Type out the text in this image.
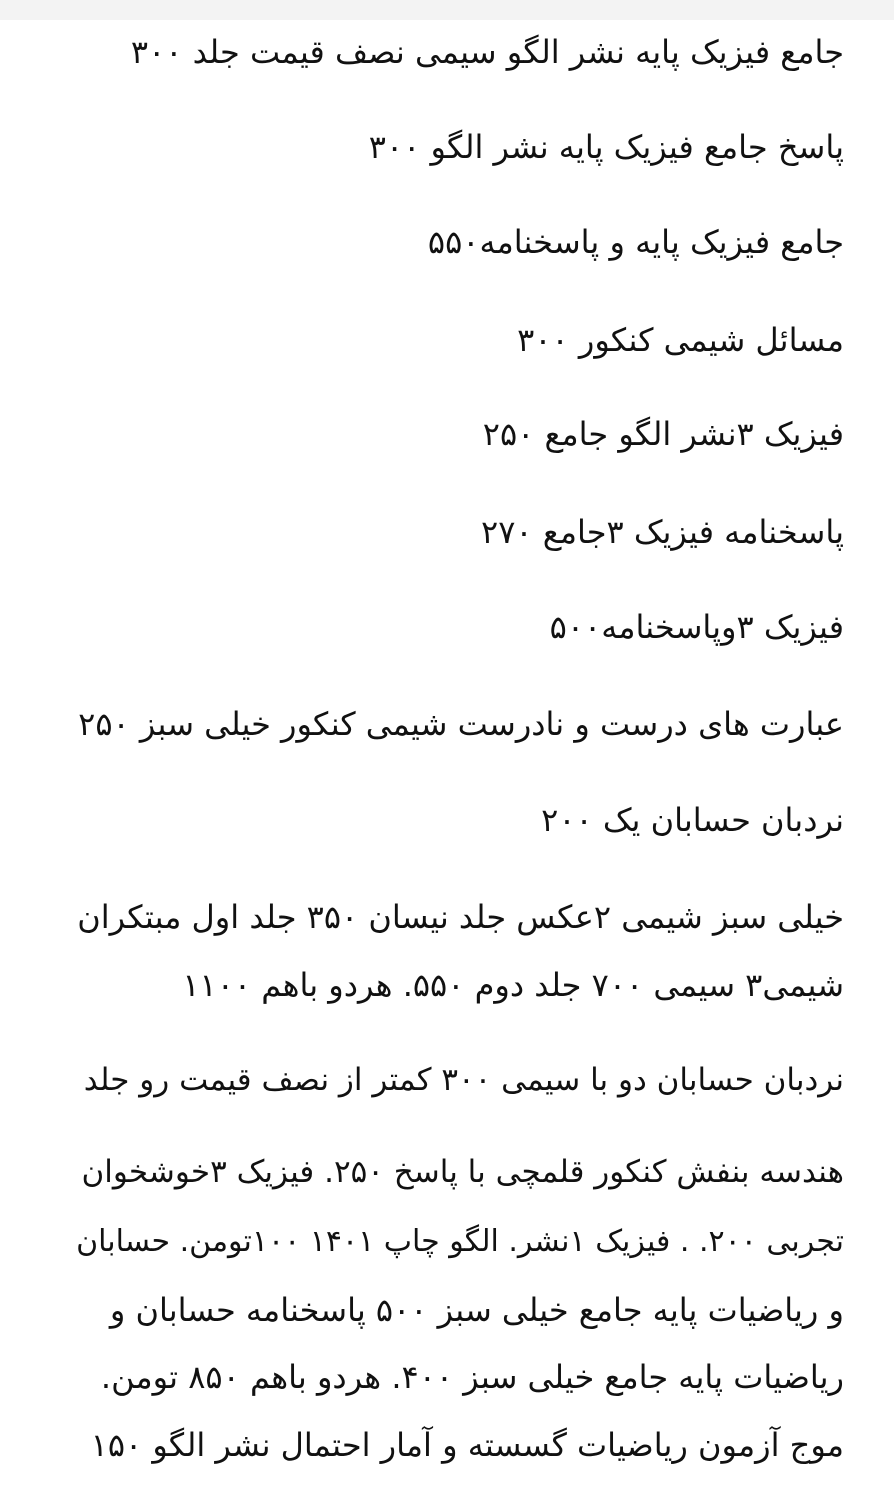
جامع فیزیک پایه نشر الگو سیمی نصف قیمت جلد ۳۰۰
پاسخ جامع فیزیک پایه نشر الگو ۳۰۰
جامع فیزیک پایه و پاسخنامه۵۵۰
مسائل شیمی کنکور ۳۰۰
فیزیک ۳نشر الگو جامع ۲۵۰
پاسخنامه فیزیک ۳جامع ۲۷۰
فیزیک ۳وپاسخنامه۵۰۰
عبارت های درست و نادرست شیمی کنکور خیلی سبز ۲۵۰
نردبان حسابان یک ۲۰۰
خیلی سبز شیمی ۲عکس جلد نیسان ۳۵۰ جلد اول مبتکران
شیمی۳ سیمی ۷۰۰ جلد دوم ۵۵۰. هردو باهم ۱۱۰۰
نردبان حسابان دو با سیمی ۳۰۰ کمتر از نصف قیمت رو جلد
هندسه بنفش کنکور قلمچی با پاسخ ۲۵۰. فیزیک ۳خوشخوان
تجربی ۲۰۰. . فیزیک ۱نشر. الگو چاپ ۱۴۰۱ ۱۰۰تومن. حسابان
و ریاضیات پایه جامع خیلی سبز ۵۰۰ پاسخنامه حسابان و
ریاضیات پایه جامع خیلی سبز ۴۰۰. هردو باهم ۸۵۰ تومن.
موج آزمون ریاضیات گسسته و آمار احتمال نشر الگو ۱۵۰
